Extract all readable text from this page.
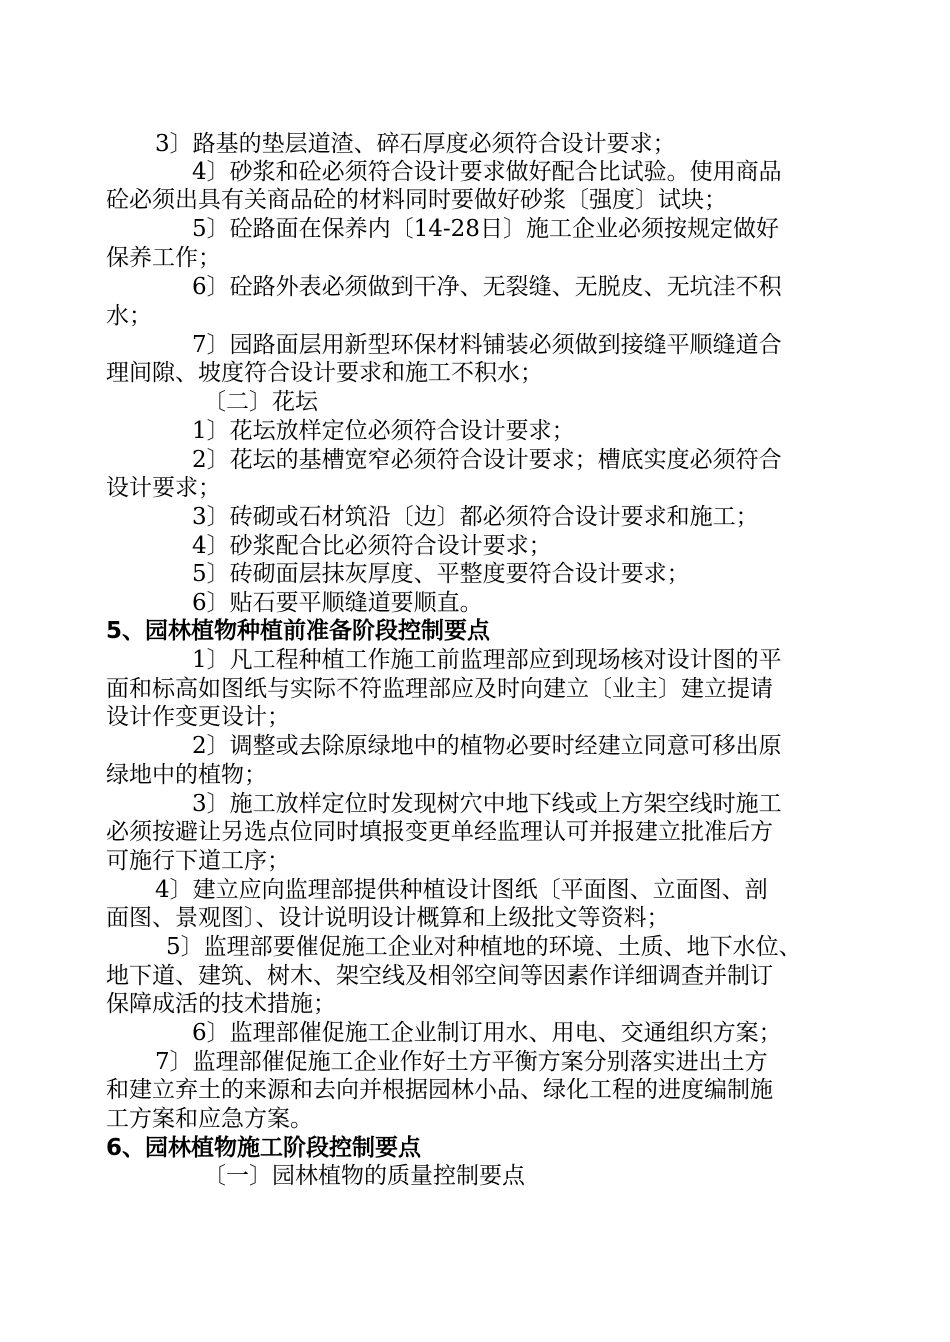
3〕路基的垫层道渣、碎石厚度必须符合设计要求；
4〕砂浆和砼必须符合设计要求做好配合比试验。使用商品
砼必须出具有关商品砼的材料同时要做好砂浆〔强度〕试块；
5〕砼路面在保养内〔14-28日〕施工企业必须按规定做好
保养工作；
6〕砼路外表必须做到干净、无裂缝、无脱皮、无坑洼不积
水；
7〕园路面层用新型环保材料铺装必须做到接缝平顺缝道合
理间隙、坡度符合设计要求和施工不积水；
〔二〕花坛
1〕花坛放样定位必须符合设计要求；
2〕花坛的基槽宽窄必须符合设计要求；槽底实度必须符合
设计要求；
3〕砖砌或石材筑沿〔边〕都必须符合设计要求和施工；
4〕砂浆配合比必须符合设计要求；
5〕砖砌面层抹灰厚度、平整度要符合设计要求；
6〕贴石要平顺缝道要顺直。
5、园林植物种植前准备阶段控制要点
1〕凡工程种植工作施工前监理部应到现场核对设计图的平
面和标高如图纸与实际不符监理部应及时向建立〔业主〕建立提请
设计作变更设计；
2〕调整或去除原绿地中的植物必要时经建立同意可移出原
绿地中的植物；
3〕施工放样定位时发现树穴中地下线或上方架空线时施工
必须按避让另选点位同时填报变更单经监理认可并报建立批准后方
可施行下道工序；
4〕建立应向监理部提供种植设计图纸〔平面图、立面图、剖
面图、景观图〕、设计说明设计概算和上级批文等资料；
5〕监理部要催促施工企业对种植地的环境、土质、地下水位、
地下道、建筑、树木、架空线及相邻空间等因素作详细调查并制订
保障成活的技术措施；
6〕监理部催促施工企业制订用水、用电、交通组织方案；
7〕监理部催促施工企业作好土方平衡方案分别落实进出土方
和建立弃土的来源和去向并根据园林小品、绿化工程的进度编制施
工方案和应急方案。
6、园林植物施工阶段控制要点
〔一〕园林植物的质量控制要点
